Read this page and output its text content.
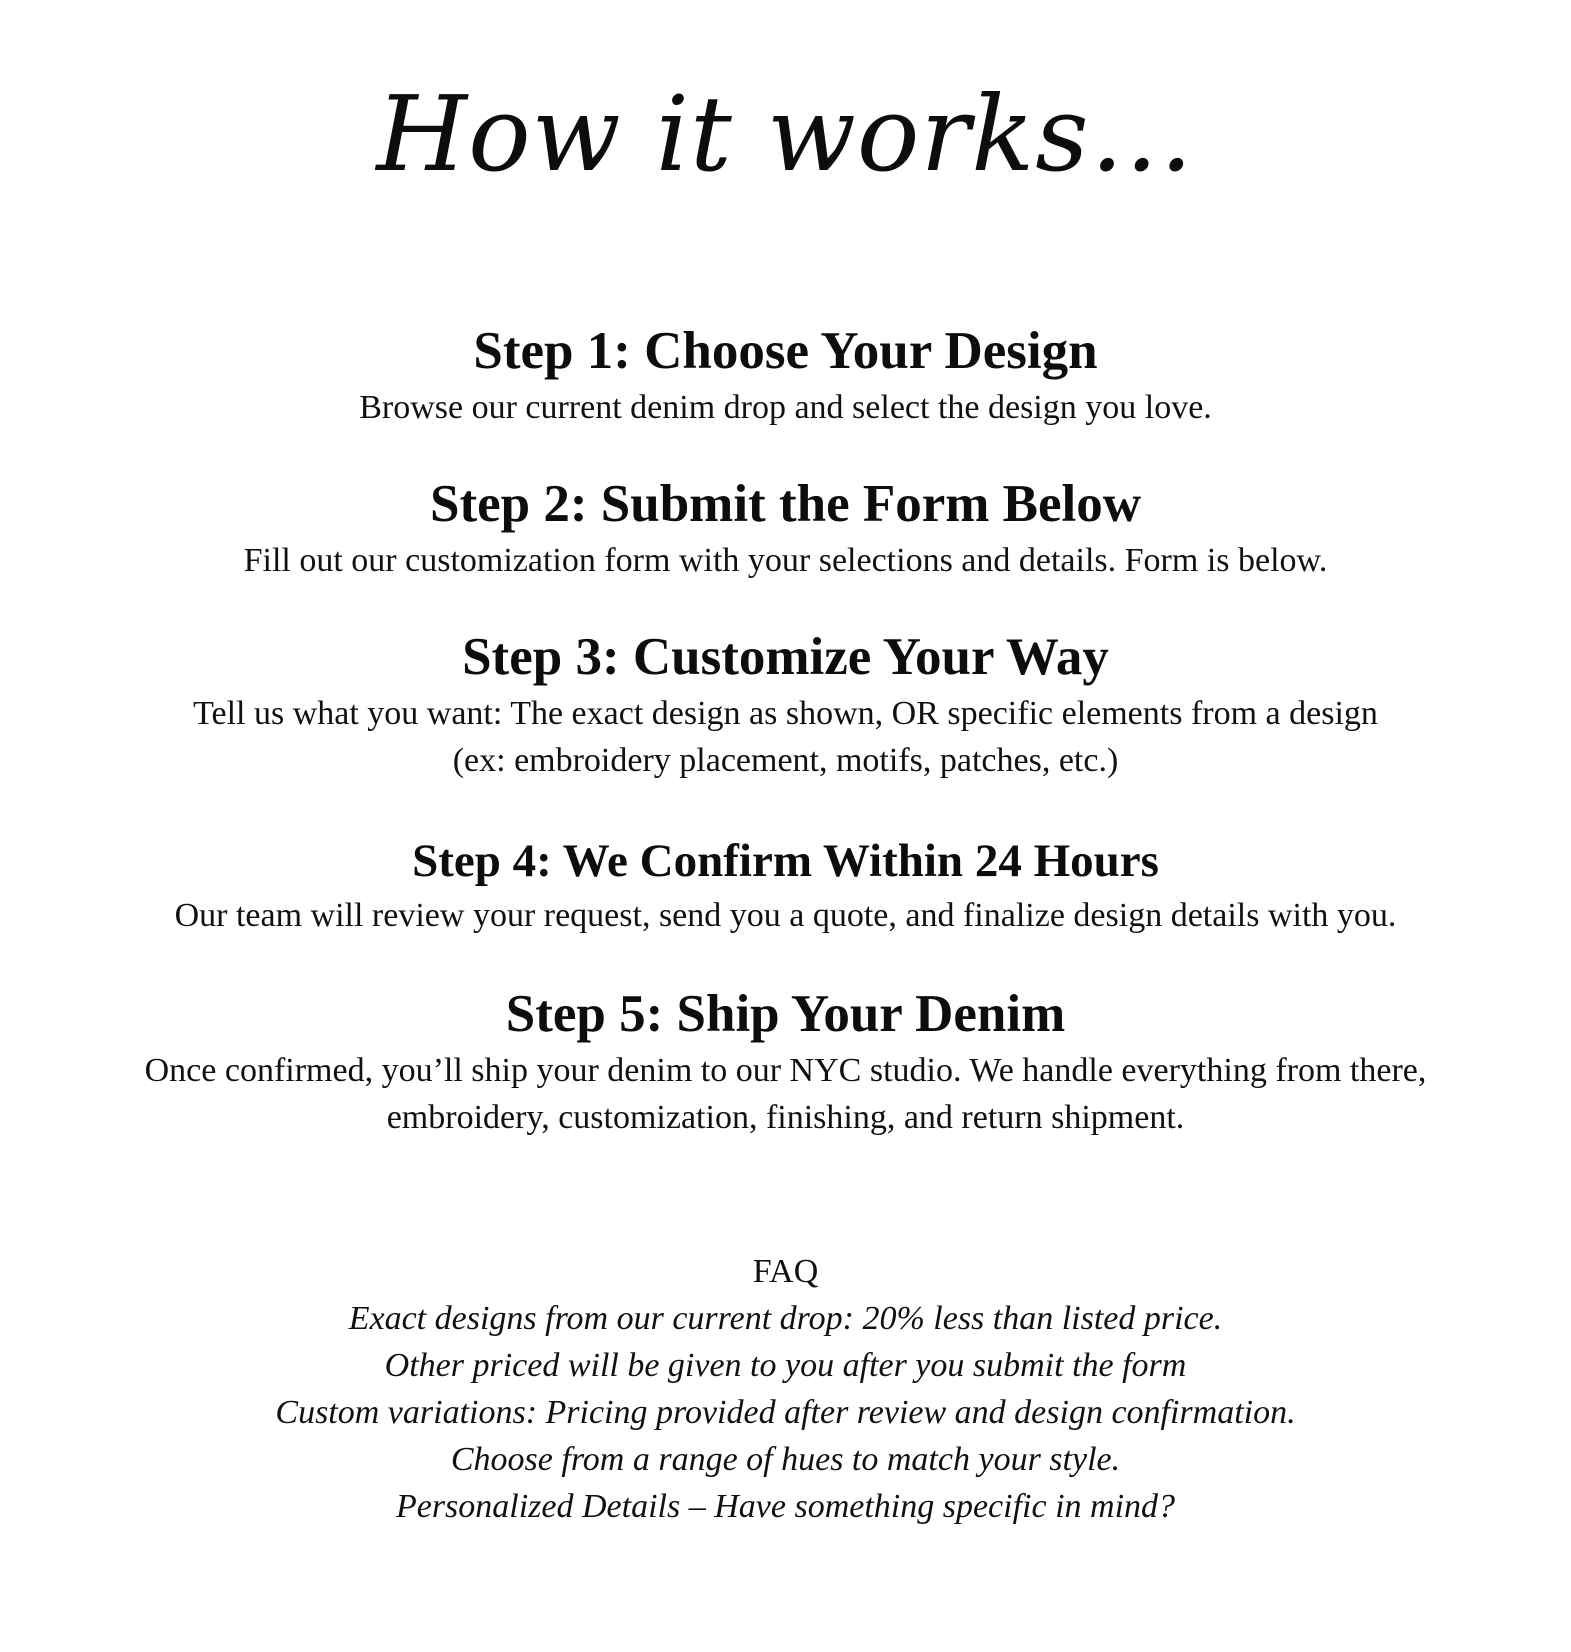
How it works…
Step 1: Choose Your Design

Browse our current denim drop and select the design you love.

Step 2: Submit the Form Below

Fill out our customization form with your selections and details. Form is below.

Step 3: Customize Your Way

Tell us what you want: The exact design as shown, OR specific elements from a design

(ex: embroidery placement, motifs, patches, etc.)

Step 4: We Confirm Within 24 Hours

Our team will review your request, send you a quote, and finalize design details with you.

Step 5: Ship Your Denim

Once confirmed, you’ll ship your denim to our NYC studio. We handle everything from there,

embroidery, customization, finishing, and return shipment.

FAQ

Exact designs from our current drop: 20% less than listed price.

Other priced will be given to you after you submit the form

Custom variations: Pricing provided after review and design confirmation.

Choose from a range of hues to match your style.

Personalized Details – Have something specific in mind?
